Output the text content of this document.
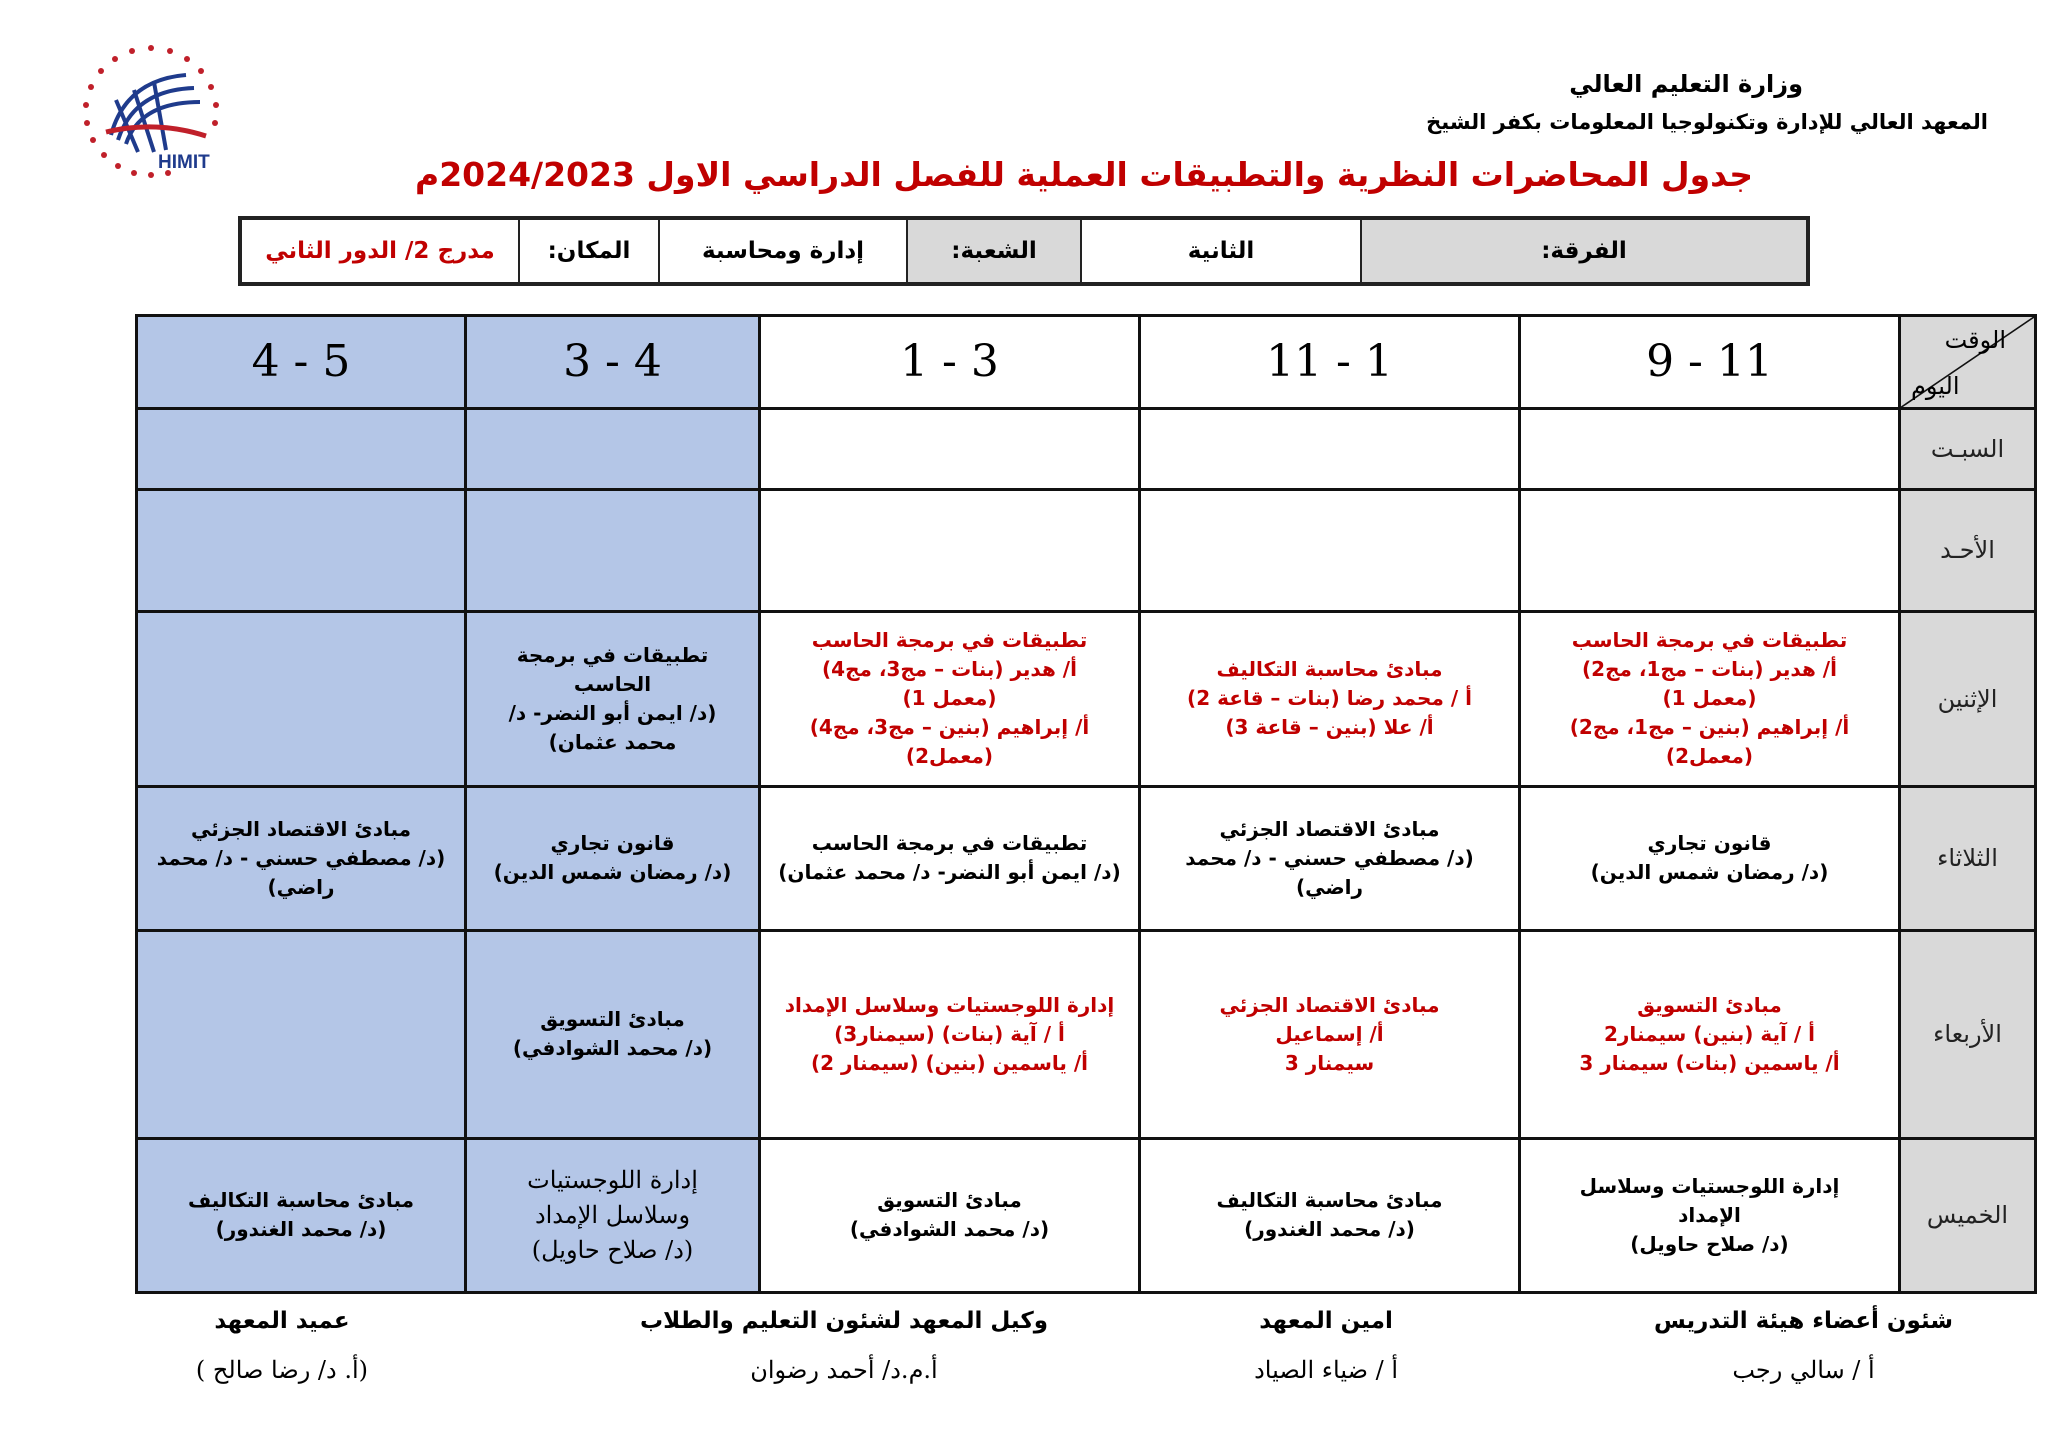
HIMIT
وزارة التعليم العالي
المعهد العالي للإدارة وتكنولوجيا المعلومات بكفر الشيخ
جدول المحاضرات النظرية والتطبيقات العملية للفصل الدراسي الاول 2024/2023م
الفرقة:
الثانية
الشعبة:
إدارة ومحاسبة
المكان:
مدرج 2/ الدور الثاني
الوقت
اليوم	9 - 11	11 - 1	1 - 3	3 - 4	4 - 5
السبـت					
الأحـد					
الإثنين	تطبيقات في برمجة الحاسب
أ/ هدير (بنات – مج1، مج2)
(معمل 1)
أ/ إبراهيم (بنين – مج1، مج2)
(معمل2)	مبادئ محاسبة التكاليف
أ / محمد رضا (بنات – قاعة 2)
أ/ علا (بنين – قاعة 3)	تطبيقات في برمجة الحاسب
أ/ هدير (بنات – مج3، مج4)
(معمل 1)
أ/ إبراهيم (بنين – مج3، مج4)
(معمل2)	تطبيقات في برمجة الحاسب
(د/ ايمن أبو النضر- د/
محمد عثمان)	

الثلاثاء	قانون تجاري
(د/ رمضان شمس الدين)	مبادئ الاقتصاد الجزئي
(د/ مصطفي حسني - د/ محمد راضي)	تطبيقات في برمجة الحاسب
(د/ ايمن أبو النضر- د/ محمد عثمان)	قانون تجاري
(د/ رمضان شمس الدين)	مبادئ الاقتصاد الجزئي
(د/ مصطفي حسني - د/ محمد
راضي)

الأربعاء	مبادئ التسويق
أ / آية (بنين) سيمنار2
أ/ ياسمين (بنات) سيمنار 3	مبادئ الاقتصاد الجزئي
أ/ إسماعيل
سيمنار 3	إدارة اللوجستيات وسلاسل الإمداد
أ / آية (بنات) (سيمنار3)
أ/ ياسمين (بنين) (سيمنار 2)	مبادئ التسويق
(د/ محمد الشوادفي)	

الخميس	إدارة اللوجستيات وسلاسل
الإمداد
(د/ صلاح حاويل)	مبادئ محاسبة التكاليف
(د/ محمد الغندور)	مبادئ التسويق
(د/ محمد الشوادفي)	إدارة اللوجستيات
وسلاسل الإمداد
(د/ صلاح حاويل)	مبادئ محاسبة التكاليف
(د/ محمد الغندور)
شئون أعضاء هيئة التدريس
أ / سالي رجب
امين المعهد
أ / ضياء الصياد
وكيل المعهد لشئون التعليم والطلاب
أ.م.د/ أحمد رضوان
عميد المعهد
(أ. د/ رضا صالح )
